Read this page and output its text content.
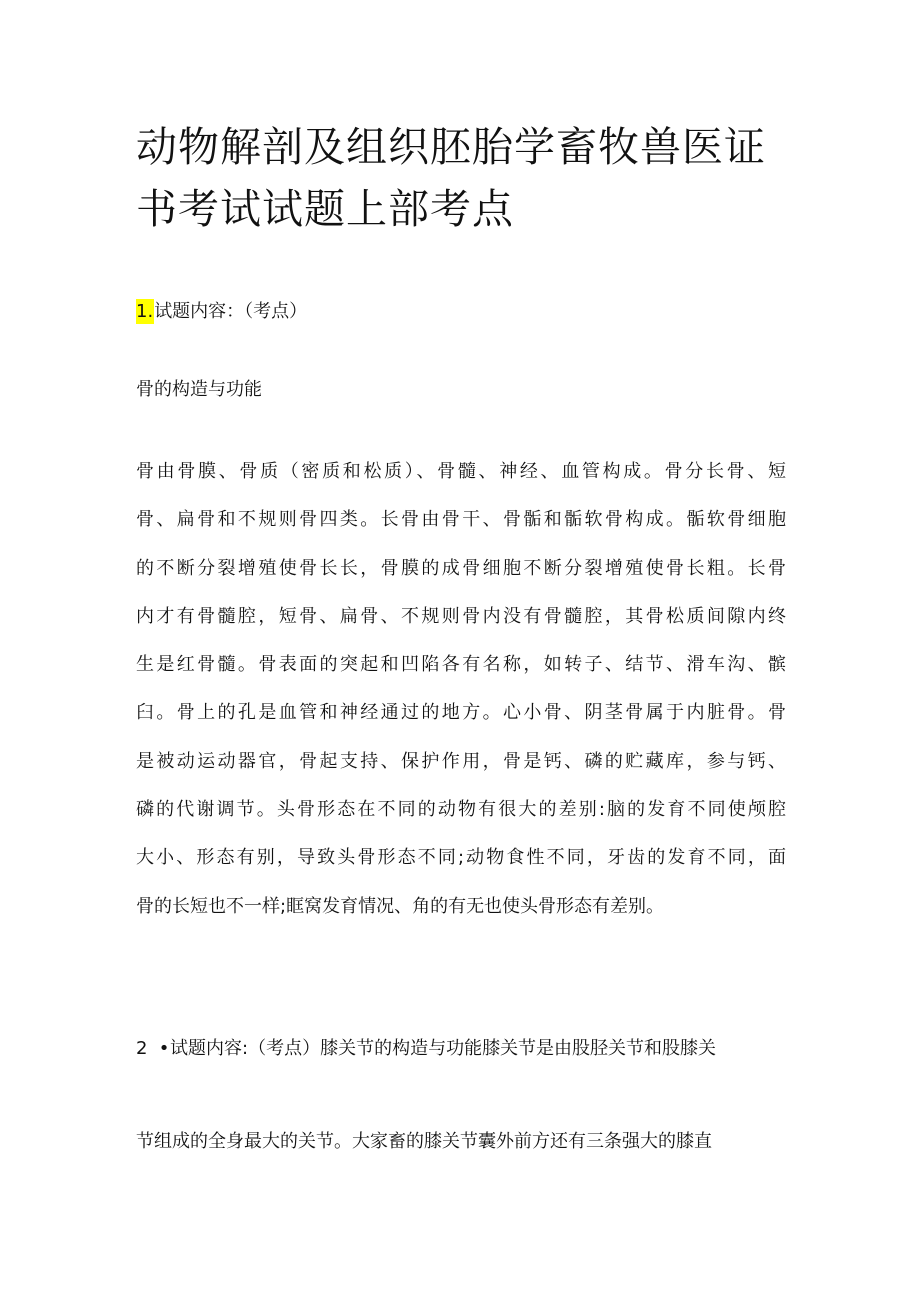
动物解剖及组织胚胎学畜牧兽医证书考试试题上部考点
1.试题内容：（考点）
骨的构造与功能
骨由骨膜、骨质（密质和松质）、骨髓、神经、血管构成。骨分长骨、短
骨、扁骨和不规则骨四类。长骨由骨干、骨骺和骺软骨构成。骺软骨细胞
的不断分裂增殖使骨长长，骨膜的成骨细胞不断分裂增殖使骨长粗。长骨
内才有骨髓腔，短骨、扁骨、不规则骨内没有骨髓腔，其骨松质间隙内终
生是红骨髓。骨表面的突起和凹陷各有名称，如转子、结节、滑车沟、髌
臼。骨上的孔是血管和神经通过的地方。心小骨、阴茎骨属于内脏骨。骨
是被动运动器官，骨起支持、保护作用，骨是钙、磷的贮藏库，参与钙、
磷的代谢调节。头骨形态在不同的动物有很大的差别:脑的发育不同使颅腔
大小、形态有别，导致头骨形态不同;动物食性不同，牙齿的发育不同，面
骨的长短也不一样;眶窝发育情况、角的有无也使头骨形态有差别。
2 •试题内容:（考点）膝关节的构造与功能膝关节是由股胫关节和股膝关
节组成的全身最大的关节。大家畜的膝关节囊外前方还有三条强大的膝直
